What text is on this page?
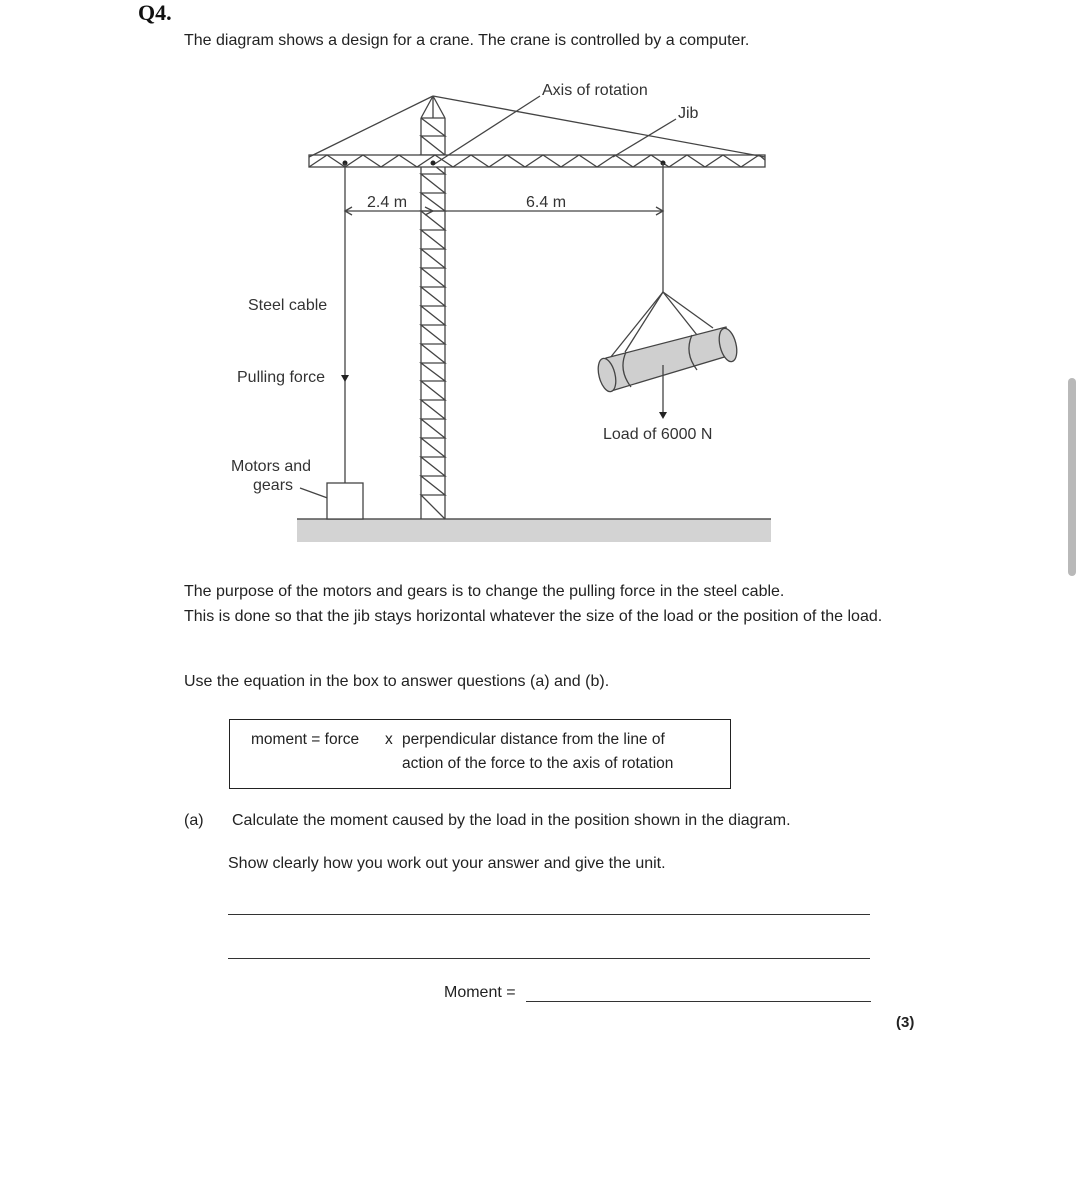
Q4.
The diagram shows a design for a crane. The crane is controlled by a computer.
Axis of rotation
Jib
2.4 m	6.4 m
Steel cable
Pulling force
Motors and
gears
Load of 6000 N

The purpose of the motors and gears is to change the pulling force in the steel cable.

This is done so that the jib stays horizontal whatever the size of the load or the position of the load.

Use the equation in the box to answer questions (a) and (b).
moment = force x perpendicular distance from the line of
action of the force to the axis of rotation
(a) Calculate the moment caused by the load in the position shown in the diagram.
Show clearly how you work out your answer and give the unit.
Moment =
(3)
